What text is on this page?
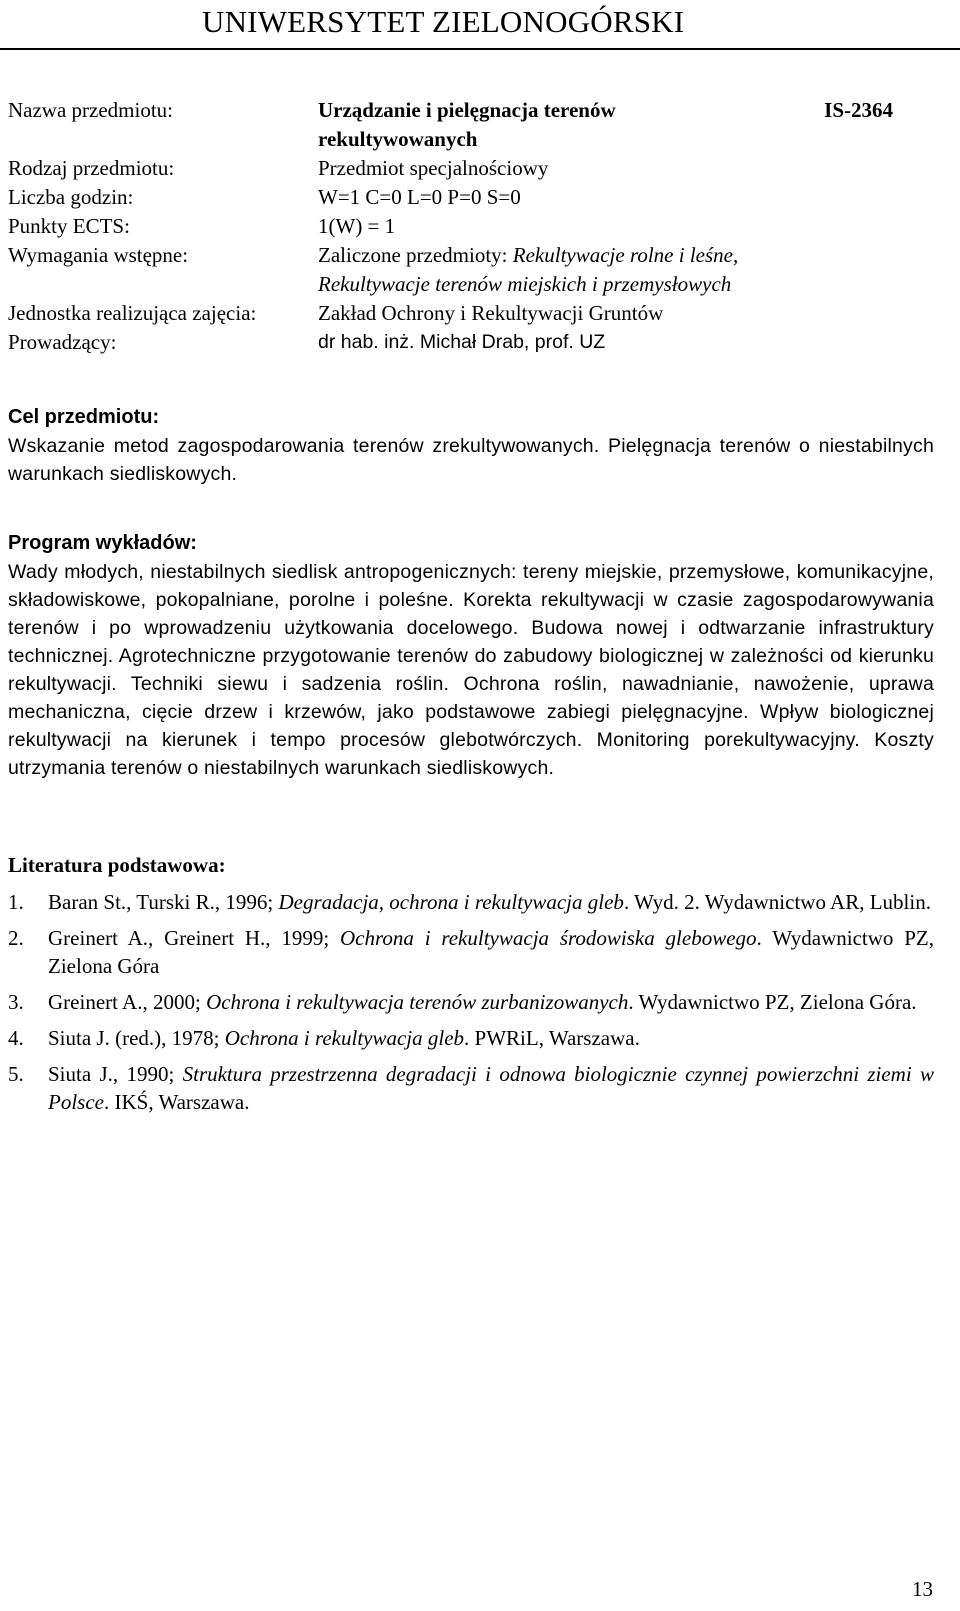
UNIWERSYTET ZIELONOGÓRSKI
Nazwa przedmiotu:	Urządzanie i pielęgnacja terenów rekultywowanych
IS-2364
Rodzaj przedmiotu:	Przedmiot specjalnościowy
Liczba godzin:	W=1 C=0 L=0 P=0 S=0
Punkty ECTS:	1(W) = 1
Wymagania wstępne:	Zaliczone przedmioty: Rekultywacje rolne i leśne, Rekultywacje terenów miejskich i przemysłowych
Jednostka realizująca zajęcia:	Zakład Ochrony i Rekultywacji Gruntów
Prowadzący:	dr hab. inż. Michał Drab, prof. UZ
Cel przedmiotu:
Wskazanie metod zagospodarowania terenów zrekultywowanych. Pielęgnacja terenów o niestabilnych warunkach siedliskowych.
Program wykładów:
Wady młodych, niestabilnych siedlisk antropogenicznych: tereny miejskie, przemysłowe, komunikacyjne, składowiskowe, pokopalniane, porolne i poleśne. Korekta rekultywacji w czasie zagospodarowywania terenów i po wprowadzeniu użytkowania docelowego. Budowa nowej i odtwarzanie infrastruktury technicznej. Agrotechniczne przygotowanie terenów do zabudowy biologicznej w zależności od kierunku rekultywacji. Techniki siewu i sadzenia roślin. Ochrona roślin, nawadnianie, nawożenie, uprawa mechaniczna, cięcie drzew i krzewów, jako podstawowe zabiegi pielęgnacyjne. Wpływ biologicznej rekultywacji na kierunek i tempo procesów glebotwórczych. Monitoring porekultywacyjny. Koszty utrzymania terenów o niestabilnych warunkach siedliskowych.
Literatura podstawowa:
1. Baran St., Turski R., 1996; Degradacja, ochrona i rekultywacja gleb. Wyd. 2. Wydawnictwo AR, Lublin.
2. Greinert A., Greinert H., 1999; Ochrona i rekultywacja środowiska glebowego. Wydawnictwo PZ, Zielona Góra
3. Greinert A., 2000; Ochrona i rekultywacja terenów zurbanizowanych. Wydawnictwo PZ, Zielona Góra.
4. Siuta J. (red.), 1978; Ochrona i rekultywacja gleb. PWRiL, Warszawa.
5. Siuta J., 1990; Struktura przestrzenna degradacji i odnowa biologicznie czynnej powierzchni ziemi w Polsce. IKŚ, Warszawa.
13
